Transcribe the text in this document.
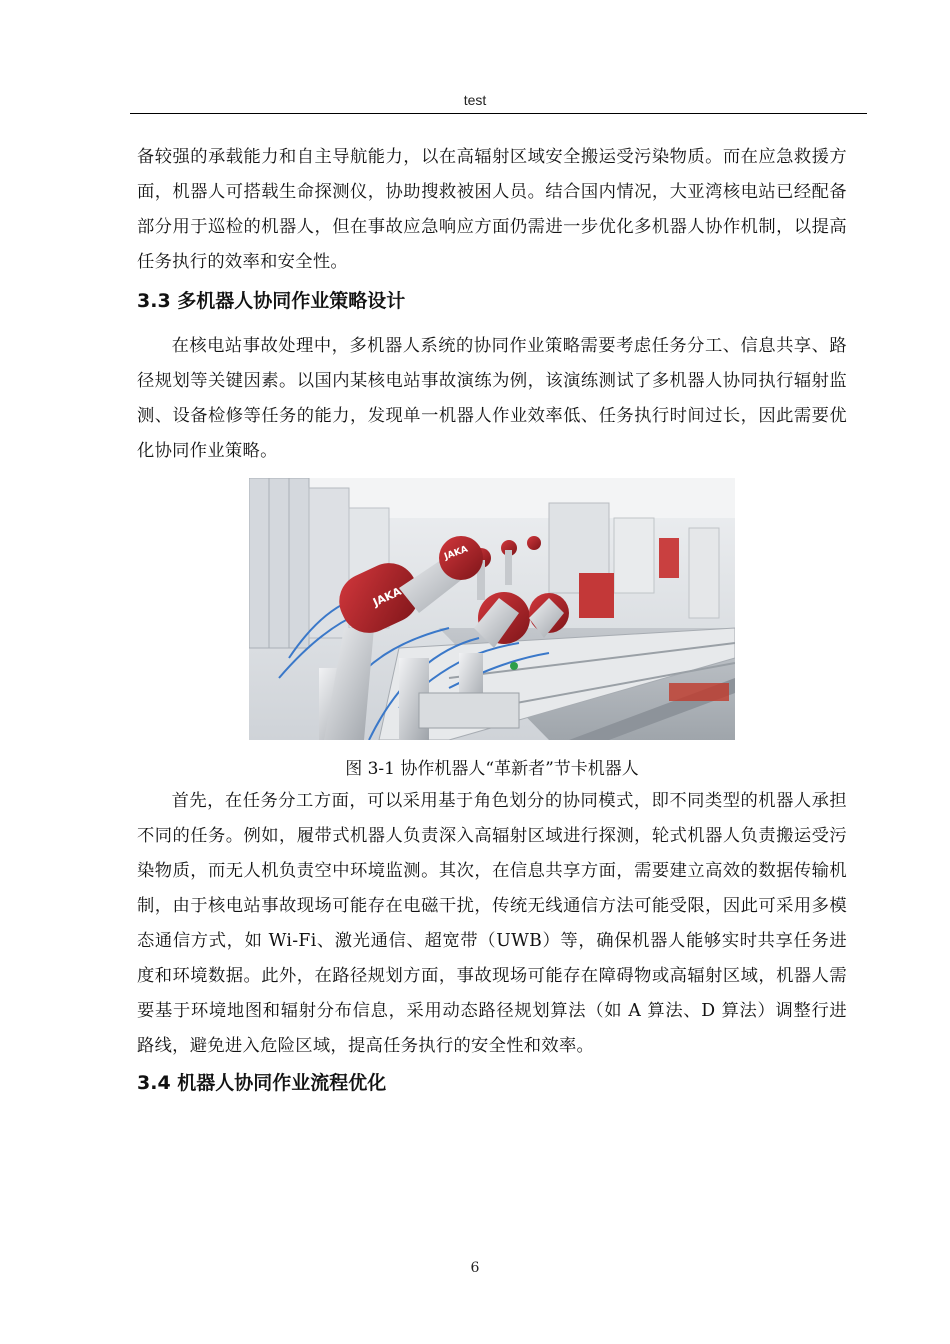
test

备较强的承载能力和自主导航能力，以在高辐射区域安全搬运受污染物质。而在应急救援方面，机器人可搭载生命探测仪，协助搜救被困人员。结合国内情况，大亚湾核电站已经配备部分用于巡检的机器人，但在事故应急响应方面仍需进一步优化多机器人协作机制，以提高任务执行的效率和安全性。

3.3 多机器人协同作业策略设计

在核电站事故处理中，多机器人系统的协同作业策略需要考虑任务分工、信息共享、路径规划等关键因素。以国内某核电站事故演练为例，该演练测试了多机器人协同执行辐射监测、设备检修等任务的能力，发现单一机器人作业效率低、任务执行时间过长，因此需要优化协同作业策略。

JAKA
JAKA

图 3-1 协作机器人“革新者”节卡机器人

首先，在任务分工方面，可以采用基于角色划分的协同模式，即不同类型的机器人承担不同的任务。例如，履带式机器人负责深入高辐射区域进行探测，轮式机器人负责搬运受污染物质，而无人机负责空中环境监测。其次，在信息共享方面，需要建立高效的数据传输机制，由于核电站事故现场可能存在电磁干扰，传统无线通信方法可能受限，因此可采用多模态通信方式，如 Wi-Fi、激光通信、超宽带（UWB）等，确保机器人能够实时共享任务进度和环境数据。此外，在路径规划方面，事故现场可能存在障碍物或高辐射区域，机器人需要基于环境地图和辐射分布信息，采用动态路径规划算法（如 A 算法、D 算法）调整行进路线，避免进入危险区域，提高任务执行的安全性和效率。

3.4 机器人协同作业流程优化
6
